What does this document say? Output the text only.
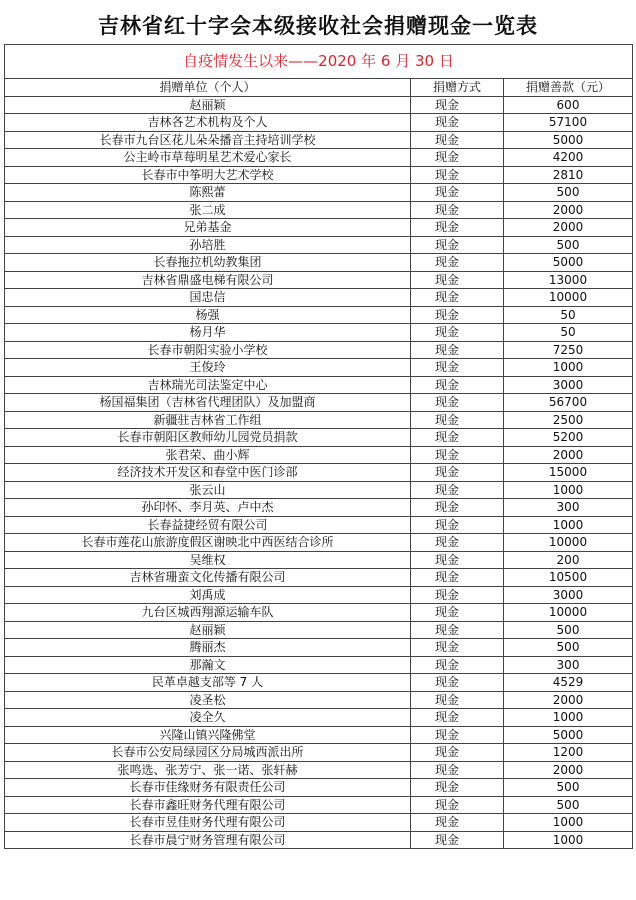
吉林省红十字会本级接收社会捐赠现金一览表
自疫情发生以来——2020 年 6 月 30 日		
捐赠单位（个人）	捐赠方式	捐赠善款（元）
赵丽颖	现金	600
吉林各艺术机构及个人	现金	57100
长春市九台区花儿朵朵播音主持培训学校	现金	5000
公主岭市草莓明星艺术爱心家长	现金	4200
长春市中筝明大艺术学校	现金	2810
陈熙蕾	现金	500
张二成	现金	2000
兄弟基金	现金	2000
孙培胜	现金	500
长春拖拉机幼教集团	现金	5000
吉林省鼎盛电梯有限公司	现金	13000
国忠信	现金	10000
杨强	现金	50
杨月华	现金	50
长春市朝阳实验小学校	现金	7250
王俊玲	现金	1000
吉林瑞光司法鉴定中心	现金	3000
杨国福集团（吉林省代理团队）及加盟商	现金	56700
新疆驻吉林省工作组	现金	2500
长春市朝阳区教师幼儿园党员捐款	现金	5200
张君荣、曲小辉	现金	2000
经济技术开发区和春堂中医门诊部	现金	15000
张云山	现金	1000
孙印怀、李月英、卢中杰	现金	300
长春益捷经贸有限公司	现金	1000
长春市莲花山旅游度假区谢映北中西医结合诊所	现金	10000
吴维权	现金	200
吉林省珊蛮文化传播有限公司	现金	10500
刘禹成	现金	3000
九台区城西翔源运输车队	现金	10000
赵丽颖	现金	500
腾丽杰	现金	500
那瀚文	现金	300
民革卓越支部等 7 人	现金	4529
凌圣松	现金	2000
凌全久	现金	1000
兴隆山镇兴隆佛堂	现金	5000
长春市公安局绿园区分局城西派出所	现金	1200
张鸣选、张芳宁、张一诺、张轩赫	现金	2000
长春市佳缘财务有限责任公司	现金	500
长春市鑫旺财务代理有限公司	现金	500
长春市昱佳财务代理有限公司	现金	1000
长春市晨宁财务管理有限公司	现金	1000
